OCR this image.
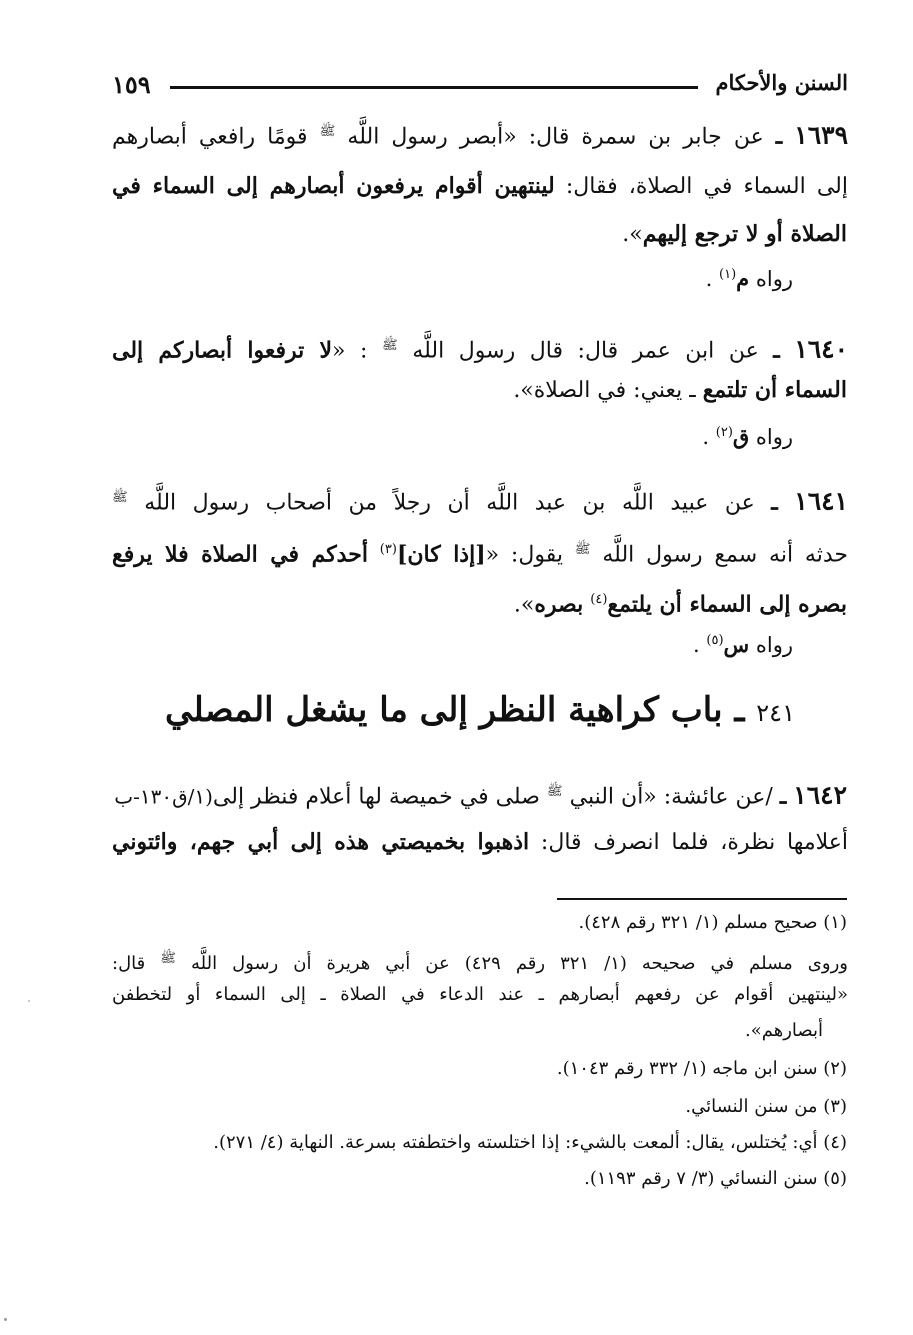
السنن والأحكام
١٥٩
١٦٣٩ ـ عن جابر بن سمرة قال: «أبصر رسول اللَّه $^ﷺ$ قومًا رافعي أبصارهم
إلى السماء في الصلاة، فقال: لينتهين أقوام يرفعون أبصارهم إلى السماء في
الصلاة أو لا ترجع إليهم».
رواه م$^{(١)}$ .
١٦٤٠ ـ عن ابن عمر قال: قال رسول اللَّه $^ﷺ$ : «لا ترفعوا أبصاركم إلى
السماء أن تلتمع ـ يعني: في الصلاة».
رواه ق$^{(٢)}$ .
١٦٤١ ـ عن عبيد اللَّه بن عبد اللَّه أن رجلاً من أصحاب رسول اللَّه $^ﷺ$
حدثه أنه سمع رسول اللَّه $^ﷺ$ يقول: «[إذا كان]$^{(٣)}$ أحدكم في الصلاة فلا يرفع
بصره إلى السماء أن يلتمع$^{(٤)}$ بصره».
رواه س$^{(٥)}$ .
٢٤١ ـ باب كراهية النظر إلى ما يشغل المصلي
١٦٤٢ ـ /عن عائشة: «أن النبي $^ﷺ$ صلى في خميصة لها أعلام فنظر إلى(١/ق١٣٠-ب
أعلامها نظرة، فلما انصرف قال: اذهبوا بخميصتي هذه إلى أبي جهم، وائتوني
(١) صحيح مسلم (١/ ٣٢١ رقم ٤٢٨).
وروى مسلم في صحيحه (١/ ٣٢١ رقم ٤٢٩) عن أبي هريرة أن رسول اللَّه $^ﷺ$ قال:
«لينتهين أقوام عن رفعهم أبصارهم ـ عند الدعاء في الصلاة ـ إلى السماء أو لتخطفن
أبصارهم».
(٢) سنن ابن ماجه (١/ ٣٣٢ رقم ١٠٤٣).
(٣) من سنن النسائي.
(٤) أي: يُختلس، يقال: ألمعت بالشيء: إذا اختلسته واختطفته بسرعة. النهاية (٤/ ٢٧١).
(٥) سنن النسائي (٣/ ٧ رقم ١١٩٣).
